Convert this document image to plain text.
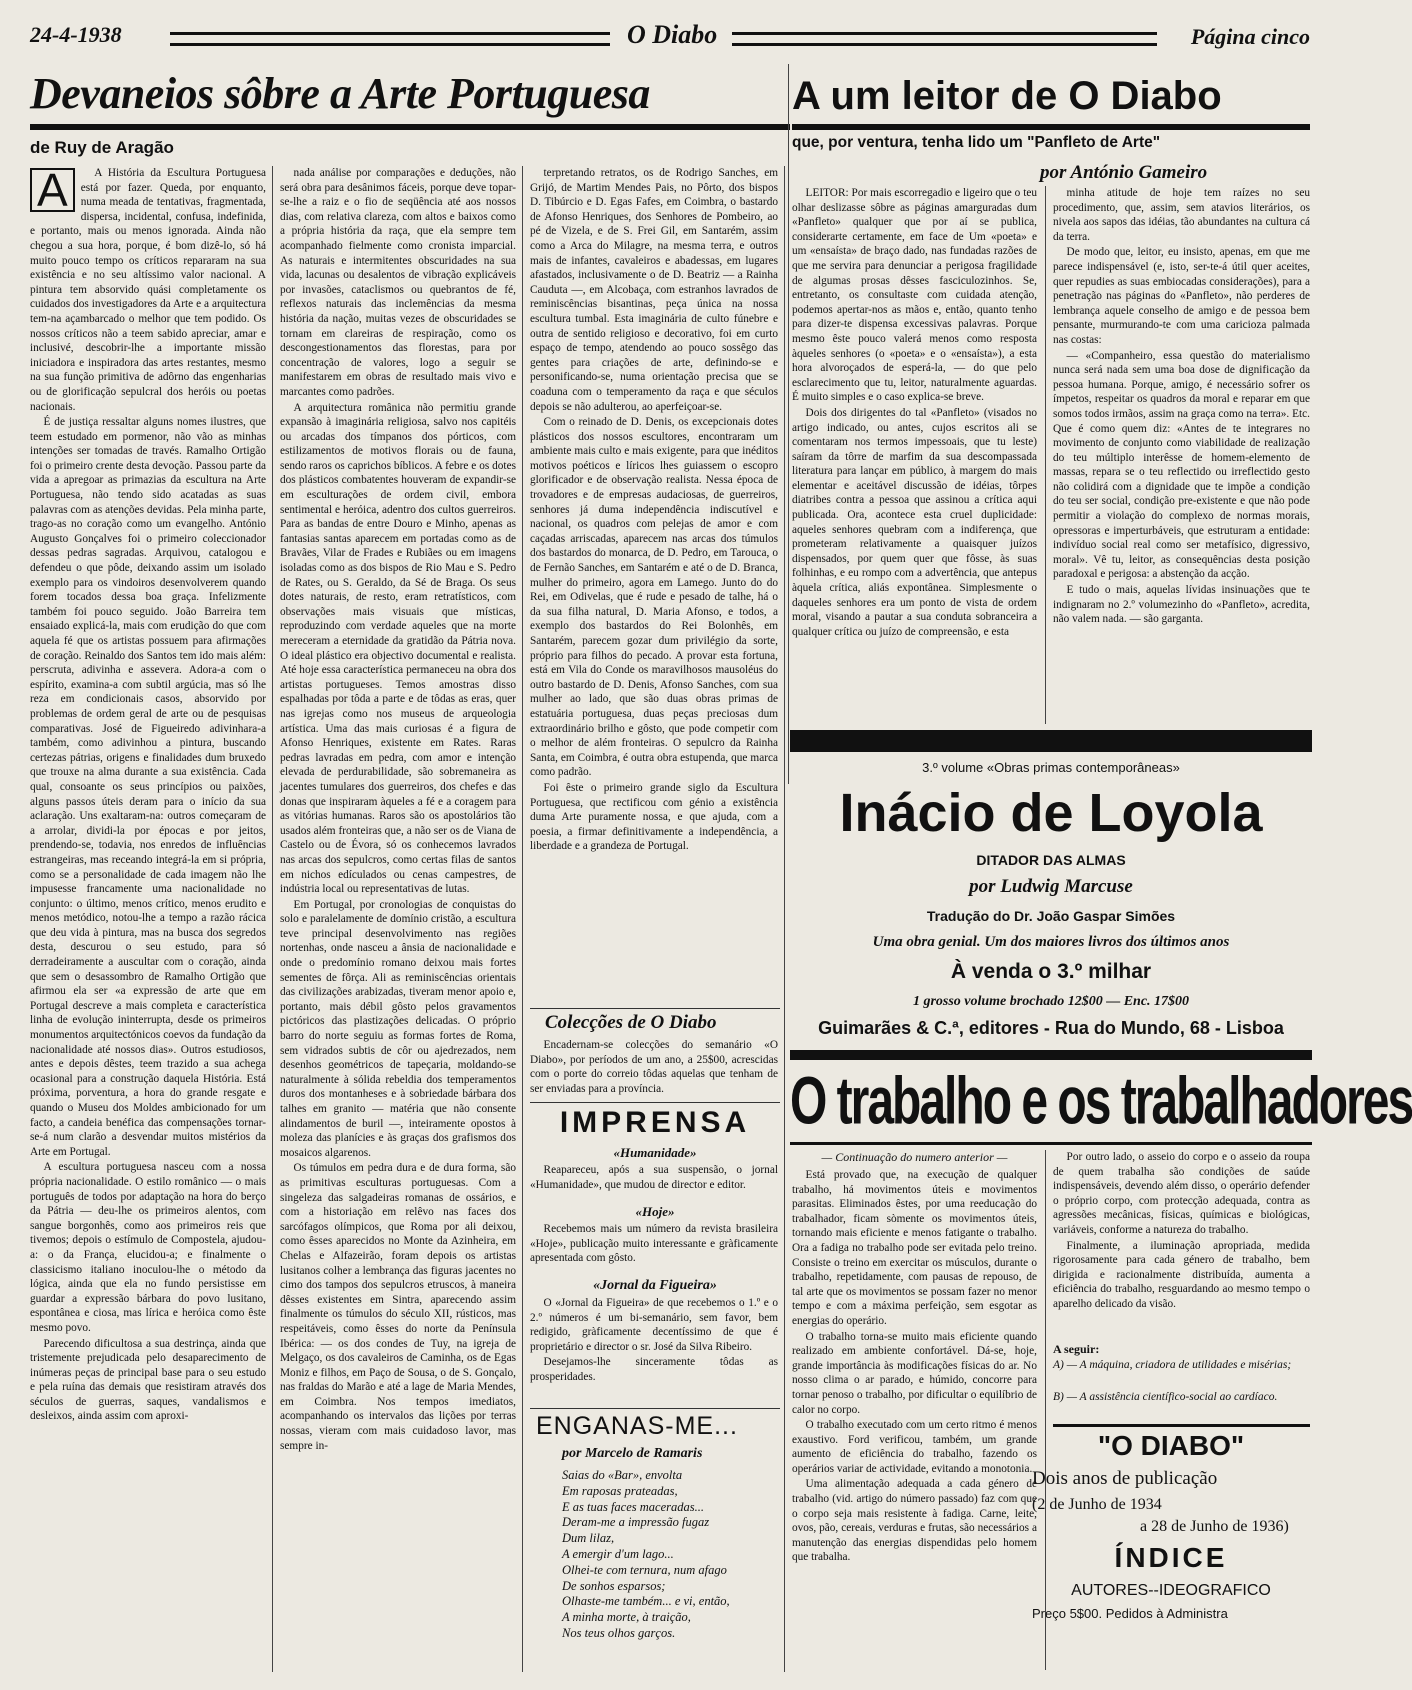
24-4-1938	O Diabo	Página cinco
Devaneios sôbre a Arte Portuguesa
de Ruy de Aragão
A um leitor de O Diabo
que, por ventura, tenha lido um "Panfleto de Arte"
por António Gameiro
A	A História da Escultura Portuguesa está por fazer. Queda, por enquanto, numa meada de tentativas, fragmentada, dispersa, incidental, confusa, indefinida, e portanto, mais ou menos ignorada. Ainda não chegou a sua hora, porque, é bom dizê-lo, só há muito pouco tempo os críticos repararam na sua existência e no seu altíssimo valor nacional. A pintura tem absorvido quási completamente os cuidados dos investigadores da Arte e a arquitectura tem-na açambarcado o melhor que tem podido. Os nossos críticos não a teem sabido apreciar, amar e inclusivé, descobrir-lhe a importante missão iniciadora e inspiradora das artes restantes, mesmo na sua função primitiva de adôrno das engenharias ou de glorificação sepulcral dos heróis ou poetas nacionais.

É de justiça ressaltar alguns nomes ilustres, que teem estudado em pormenor, não vão as minhas intenções ser tomadas de través. Ramalho Ortigão foi o primeiro crente desta devoção. Passou parte da vida a apregoar as primazias da escultura na Arte Portuguesa, não tendo sido acatadas as suas palavras com as atenções devidas. Pela minha parte, trago-as no coração como um evangelho. António Augusto Gonçalves foi o primeiro coleccionador dessas pedras sagradas. Arquivou, catalogou e defendeu o que pôde, deixando assim um isolado exemplo para os vindoiros desenvolverem quando forem tocados dessa boa graça. Infelizmente também foi pouco seguido. João Barreira tem ensaiado explicá-la, mais com erudição do que com aquela fé que os artistas possuem para afirmações de coração. Reinaldo dos Santos tem ido mais além: perscruta, adivinha e assevera. Adora-a com o espírito, examina-a com subtil argúcia, mas só lhe reza em condicionais casos, absorvido por problemas de ordem geral de arte ou de pesquisas comparativas. José de Figueiredo adivinhara-a também, como adivinhou a pintura, buscando certezas pátrias, origens e finalidades dum bruxedo que trouxe na alma durante a sua existência. Cada qual, consoante os seus princípios ou paixões, alguns passos úteis deram para o início da sua aclaração. Uns exaltaram-na: outros começaram de a arrolar, dividi-la por épocas e por jeitos, prendendo-se, todavia, nos enredos de influências estrangeiras, mas receando integrá-la em si própria, como se a personalidade de cada imagem não lhe impusesse francamente uma nacionalidade no conjunto: o último, menos crítico, menos erudito e menos metódico, notou-lhe a tempo a razão rácica que deu vida à pintura, mas na busca dos segredos desta, descurou o seu estudo, para só derradeiramente a auscultar com o coração, ainda que sem o desassombro de Ramalho Ortigão que afirmou ela ser «a expressão de arte que em Portugal descreve a mais completa e característica linha de evolução ininterrupta, desde os primeiros monumentos arquitectónicos coevos da fundação da nacionalidade até nossos dias». Outros estudiosos, antes e depois dêstes, teem trazido a sua achega ocasional para a construção daquela História. Está próxima, porventura, a hora do grande resgate e quando o Museu dos Moldes ambicionado for um facto, a candeia benéfica das compensações tornar-se-á num clarão a desvendar muitos mistérios da Arte em Portugal.

A escultura portuguesa nasceu com a nossa própria nacionalidade. O estilo românico — o mais português de todos por adaptação na hora do berço da Pátria — deu-lhe os primeiros alentos, com sangue borgonhês, como aos primeiros reis que tivemos; depois o estímulo de Compostela, ajudou-a: o da França, elucidou-a; e finalmente o classicismo italiano inoculou-lhe o método da lógica, ainda que ela no fundo persistisse em guardar a expressão bárbara do povo lusitano, espontânea e ciosa, mas lírica e heróica como êste mesmo povo.

Parecendo dificultosa a sua destrinça, ainda que tristemente prejudicada pelo desaparecimento de inúmeras peças de principal base para o seu estudo e pela ruína das demais que resistiram através dos séculos de guerras, saques, vandalismos e desleixos, ainda assim com aproxi-

nada análise por comparações e deduções, não será obra para desânimos fáceis, porque deve topar-se-lhe a raiz e o fio de seqüência até aos nossos dias, com relativa clareza, com altos e baixos como a própria história da raça, que ela sempre tem acompanhado fielmente como cronista imparcial. As naturais e intermitentes obscuridades na sua vida, lacunas ou desalentos de vibração explicáveis por invasões, cataclismos ou quebrantos de fé, reflexos naturais das inclemências da mesma história da nação, muitas vezes de obscuridades se tornam em clareiras de respiração, como os descongestionamentos das florestas, para por concentração de valores, logo a seguir se manifestarem em obras de resultado mais vivo e marcantes como padrões.

A arquitectura românica não permitiu grande expansão à imaginária religiosa, salvo nos capitéis ou arcadas dos tímpanos dos pórticos, com estilizamentos de motivos florais ou de fauna, sendo raros os caprichos bíblicos. A febre e os dotes dos plásticos combatentes houveram de expandir-se em esculturações de ordem civil, embora sentimental e heróica, adentro dos cultos guerreiros. Para as bandas de entre Douro e Minho, apenas as fantasias santas aparecem em portadas como as de Bravães, Vilar de Frades e Rubiães ou em imagens isoladas como as dos bispos de Rio Mau e S. Pedro de Rates, ou S. Geraldo, da Sé de Braga. Os seus dotes naturais, de resto, eram retratísticos, com observações mais visuais que místicas, reproduzindo com verdade aqueles que na morte mereceram a eternidade da gratidão da Pátria nova. O ideal plástico era objectivo documental e realista. Até hoje essa característica permaneceu na obra dos artistas portugueses. Temos amostras disso espalhadas por tôda a parte e de tôdas as eras, quer nas igrejas como nos museus de arqueologia artística. Uma das mais curiosas é a figura de Afonso Henriques, existente em Rates. Raras pedras lavradas em pedra, com amor e intenção elevada de perdurabilidade, são sobremaneira as jacentes tumulares dos guerreiros, dos chefes e das donas que inspiraram àqueles a fé e a coragem para as vitórias humanas. Raros são os apostolários tão usados além fronteiras que, a não ser os de Viana de Castelo ou de Évora, só os conhecemos lavrados nas arcas dos sepulcros, como certas filas de santos em nichos edículados ou cenas campestres, de indústria local ou representativas de lutas.

Em Portugal, por cronologias de conquistas do solo e paralelamente de domínio cristão, a escultura teve principal desenvolvimento nas regiões nortenhas, onde nasceu a ânsia de nacionalidade e onde o predomínio romano deixou mais fortes sementes de fôrça. Ali as reminiscências orientais das civilizações arabizadas, tiveram menor apoio e, portanto, mais débil gôsto pelos gravamentos pictóricos das plastizações delicadas. O próprio barro do norte seguiu as formas fortes de Roma, sem vidrados subtis de côr ou ajedrezados, nem desenhos geométricos de tapeçaria, moldando-se naturalmente à sólida rebeldia dos temperamentos duros dos montanheses e à sobriedade bárbara dos talhes em granito — matéria que não consente alindamentos de buril —, inteiramente opostos à moleza das planícies e às graças dos grafismos dos mosaicos algarenos.

Os túmulos em pedra dura e de dura forma, são as primitivas esculturas portuguesas. Com a singeleza das salgadeiras romanas de ossários, e com a historiação em relêvo nas faces dos sarcófagos olímpicos, que Roma por ali deixou, como êsses aparecidos no Monte da Azinheira, em Chelas e Alfazeirão, foram depois os artistas lusitanos colher a lembrança das figuras jacentes no cimo dos tampos dos sepulcros etruscos, à maneira dêsses existentes em Sintra, aparecendo assim finalmente os túmulos do século XII, rústicos, mas respeitáveis, como êsses do norte da Península Ibérica: — os dos condes de Tuy, na igreja de Melgaço, os dos cavaleiros de Caminha, os de Egas Moniz e filhos, em Paço de Sousa, o de S. Gonçalo, nas fraldas do Marão e até a lage de Maria Mendes, em Coimbra. Nos tempos imediatos, acompanhando os intervalos das lições por terras nossas, vieram com mais cuidadoso lavor, mas sempre in-

terpretando retratos, os de Rodrigo Sanches, em Grijó, de Martim Mendes Pais, no Pôrto, dos bispos D. Tibúrcio e D. Egas Fafes, em Coimbra, o bastardo de Afonso Henriques, dos Senhores de Pombeiro, ao pé de Vizela, e de S. Frei Gil, em Santarém, assim como a Arca do Milagre, na mesma terra, e outros mais de infantes, cavaleiros e abadessas, em lugares afastados, inclusivamente o de D. Beatriz — a Rainha Cauduta —, em Alcobaça, com estranhos lavrados de reminiscências bisantinas, peça única na nossa escultura tumbal. Esta imaginária de culto fúnebre e outra de sentido religioso e decorativo, foi em curto espaço de tempo, atendendo ao pouco sossêgo das gentes para criações de arte, definindo-se e personificando-se, numa orientação precisa que se coaduna com o temperamento da raça e que séculos depois se não adulterou, ao aperfeiçoar-se.

Com o reinado de D. Denis, os excepcionais dotes plásticos dos nossos escultores, encontraram um ambiente mais culto e mais exigente, para que inéditos motivos poéticos e líricos lhes guiassem o escopro glorificador e de observação realista. Nessa época de trovadores e de empresas audaciosas, de guerreiros, senhores já duma independência indiscutível e nacional, os quadros com pelejas de amor e com caçadas arriscadas, aparecem nas arcas dos túmulos dos bastardos do monarca, de D. Pedro, em Tarouca, o de Fernão Sanches, em Santarém e até o de D. Branca, mulher do primeiro, agora em Lamego. Junto do do Rei, em Odivelas, que é rude e pesado de talhe, há o da sua filha natural, D. Maria Afonso, e todos, a exemplo dos bastardos do Rei Bolonhês, em Santarém, parecem gozar dum privilégio da sorte, próprio para filhos do pecado. A provar esta fortuna, está em Vila do Conde os maravilhosos mausoléus do outro bastardo de D. Denis, Afonso Sanches, com sua mulher ao lado, que são duas obras primas de estatuária portuguesa, duas peças preciosas dum extraordinário brilho e gôsto, que pode competir com o melhor de além fronteiras. O sepulcro da Rainha Santa, em Coimbra, é outra obra estupenda, que marca como padrão.

Foi êste o primeiro grande siglo da Escultura Portuguesa, que rectificou com génio a existência duma Arte puramente nossa, e que ajuda, com a poesia, a firmar definitivamente a independência, a liberdade e a grandeza de Portugal.

Colecções de O Diabo

Encadernam-se colecções do semanário «O Diabo», por períodos de um ano, a 25$00, acrescidas com o porte do correio tôdas aquelas que tenham de ser enviadas para a província.

IMPRENSA
«Humanidade»

Reapareceu, após a sua suspensão, o jornal «Humanidade», que mudou de director e editor.

«Hoje»

Recebemos mais um número da revista brasileira «Hoje», publicação muito interessante e gràficamente apresentada com gôsto.

«Jornal da Figueira»

O «Jornal da Figueira» de que recebemos o 1.º e o 2.º números é um bi-semanário, sem favor, bem redigido, gràficamente decentíssimo de que é proprietário e director o sr. José da Silva Ribeiro.

Desejamos-lhe sinceramente tôdas as prosperidades.

ENGANAS-ME...
por Marcelo de Ramaris
Saias do «Bar», envolta
Em raposas prateadas,
E as tuas faces maceradas...
Deram-me a impressão fugaz
Dum lilaz,
A emergir d'um lago...
Olhei-te com ternura, num afago
De sonhos esparsos;
Olhaste-me também... e vi, então,
A minha morte, à traição,
Nos teus olhos garços.

LEITOR: Por mais escorregadio e ligeiro que o teu olhar deslizasse sôbre as páginas amarguradas dum «Panfleto» qualquer que por aí se publica, considerarte certamente, em face de Um «poeta» e um «ensaísta» de braço dado, nas fundadas razões de que me servira para denunciar a perigosa fragilidade de algumas prosas dêsses fasciculozinhos. Se, entretanto, os consultaste com cuidada atenção, podemos apertar-nos as mãos e, então, quanto tenho para dizer-te dispensa excessivas palavras. Porque mesmo êste pouco valerá menos como resposta àqueles senhores (o «poeta» e o «ensaísta»), a esta hora alvoroçados de esperá-la, — do que pelo esclarecimento que tu, leitor, naturalmente aguardas. É muito simples e o caso explica-se breve.

Dois dos dirigentes do tal «Panfleto» (visados no artigo indicado, ou antes, cujos escritos ali se comentaram nos termos impessoais, que tu leste) saíram da tôrre de marfim da sua descompassada literatura para lançar em público, à margem do mais elementar e aceitável discussão de idéias, tôrpes diatribes contra a pessoa que assinou a crítica aqui publicada. Ora, acontece esta cruel duplicidade: aqueles senhores quebram com a indiferença, que prometeram relativamente a quaisquer juízos dispensados, por quem quer que fôsse, às suas folhinhas, e eu rompo com a advertência, que antepus àquela crítica, aliás expontânea. Simplesmente o daqueles senhores era um ponto de vista de ordem moral, visando a pautar a sua conduta sobranceira a qualquer crítica ou juízo de compreensão, e esta

minha atitude de hoje tem raízes no seu procedimento, que, assim, sem atavios literários, os nivela aos sapos das idéias, tão abundantes na cultura cá da terra.

De modo que, leitor, eu insisto, apenas, em que me parece indispensável (e, isto, ser-te-á útil quer aceites, quer repudies as suas embiocadas considerações), para a penetração nas páginas do «Panfleto», não perderes de lembrança aquele conselho de amigo e de pessoa bem pensante, murmurando-te com uma caricioza palmada nas costas:

— «Companheiro, essa questão do materialismo nunca será nada sem uma boa dose de dignificação da pessoa humana. Porque, amigo, é necessário sofrer os ímpetos, respeitar os quadros da moral e reparar em que somos todos irmãos, assim na graça como na terra». Etc. Que é como quem diz: «Antes de te integrares no movimento de conjunto como viabilidade de realização do teu múltiplo interêsse de homem-elemento de massas, repara se o teu reflectido ou irreflectido gesto não colidirá com a dignidade que te impõe a condição do teu ser social, condição pre-existente e que não pode permitir a violação do complexo de normas morais, opressoras e imperturbáveis, que estruturam a entidade: indivíduo social real como ser metafísico, digressivo, moral». Vê tu, leitor, as consequências desta posição paradoxal e perigosa: a abstenção da acção.

E tudo o mais, aquelas lívidas insinuações que te indignaram no 2.º volumezinho do «Panfleto», acredita, não valem nada. — são garganta.

3.º volume «Obras primas contemporâneas»
Inácio de Loyola
DITADOR DAS ALMAS
por Ludwig Marcuse
Tradução do Dr. João Gaspar Simões
Uma obra genial. Um dos maiores livros dos últimos anos
À venda o 3.º milhar
1 grosso volume brochado 12$00 — Enc. 17$00
Guimarães & C.ª, editores - Rua do Mundo, 68 - Lisboa
O trabalho e os trabalhadores
— Continuação do numero anterior —

Está provado que, na execução de qualquer trabalho, há movimentos úteis e movimentos parasitas. Eliminados êstes, por uma reeducação do trabalhador, ficam sòmente os movimentos úteis, tornando mais eficiente e menos fatigante o trabalho. Ora a fadiga no trabalho pode ser evitada pelo treino. Consiste o treino em exercitar os músculos, durante o trabalho, repetidamente, com pausas de repouso, de tal arte que os movimentos se possam fazer no menor tempo e com a máxima perfeição, sem esgotar as energias do operário.

O trabalho torna-se muito mais eficiente quando realizado em ambiente confortável. Dá-se, hoje, grande importância às modificações físicas do ar. No nosso clima o ar parado, e húmido, concorre para tornar penoso o trabalho, por dificultar o equilíbrio de calor no corpo.

O trabalho executado com um certo ritmo é menos exaustivo. Ford verificou, também, um grande aumento de eficiência do trabalho, fazendo os operários variar de actividade, evitando a monotonia.

Uma alimentação adequada a cada género de trabalho (vid. artigo do número passado) faz com que o corpo seja mais resistente à fadiga. Carne, leite, ovos, pão, cereais, verduras e frutas, são necessários a manutenção das energias dispendidas pelo homem que trabalha.

Por outro lado, o asseio do corpo e o asseio da roupa de quem trabalha são condições de saúde indispensáveis, devendo além disso, o operário defender o próprio corpo, com protecção adequada, contra as agressões mecânicas, físicas, químicas e biológicas, variáveis, conforme a natureza do trabalho.

Finalmente, a iluminação apropriada, medida rigorosamente para cada género de trabalho, bem dirigida e racionalmente distribuída, aumenta a eficiência do trabalho, resguardando ao mesmo tempo o aparelho delicado da visão.

A seguir:
A) — A máquina, criadora de utilidades e misérias;
B) — A assistência científico-social ao cardíaco.
"O DIABO"
Dois anos de publicação
(2 de Junho de 1934
a 28 de Junho de 1936)
ÍNDICE
AUTORES--IDEOGRAFICO
Preço 5$00. Pedidos à Administra
